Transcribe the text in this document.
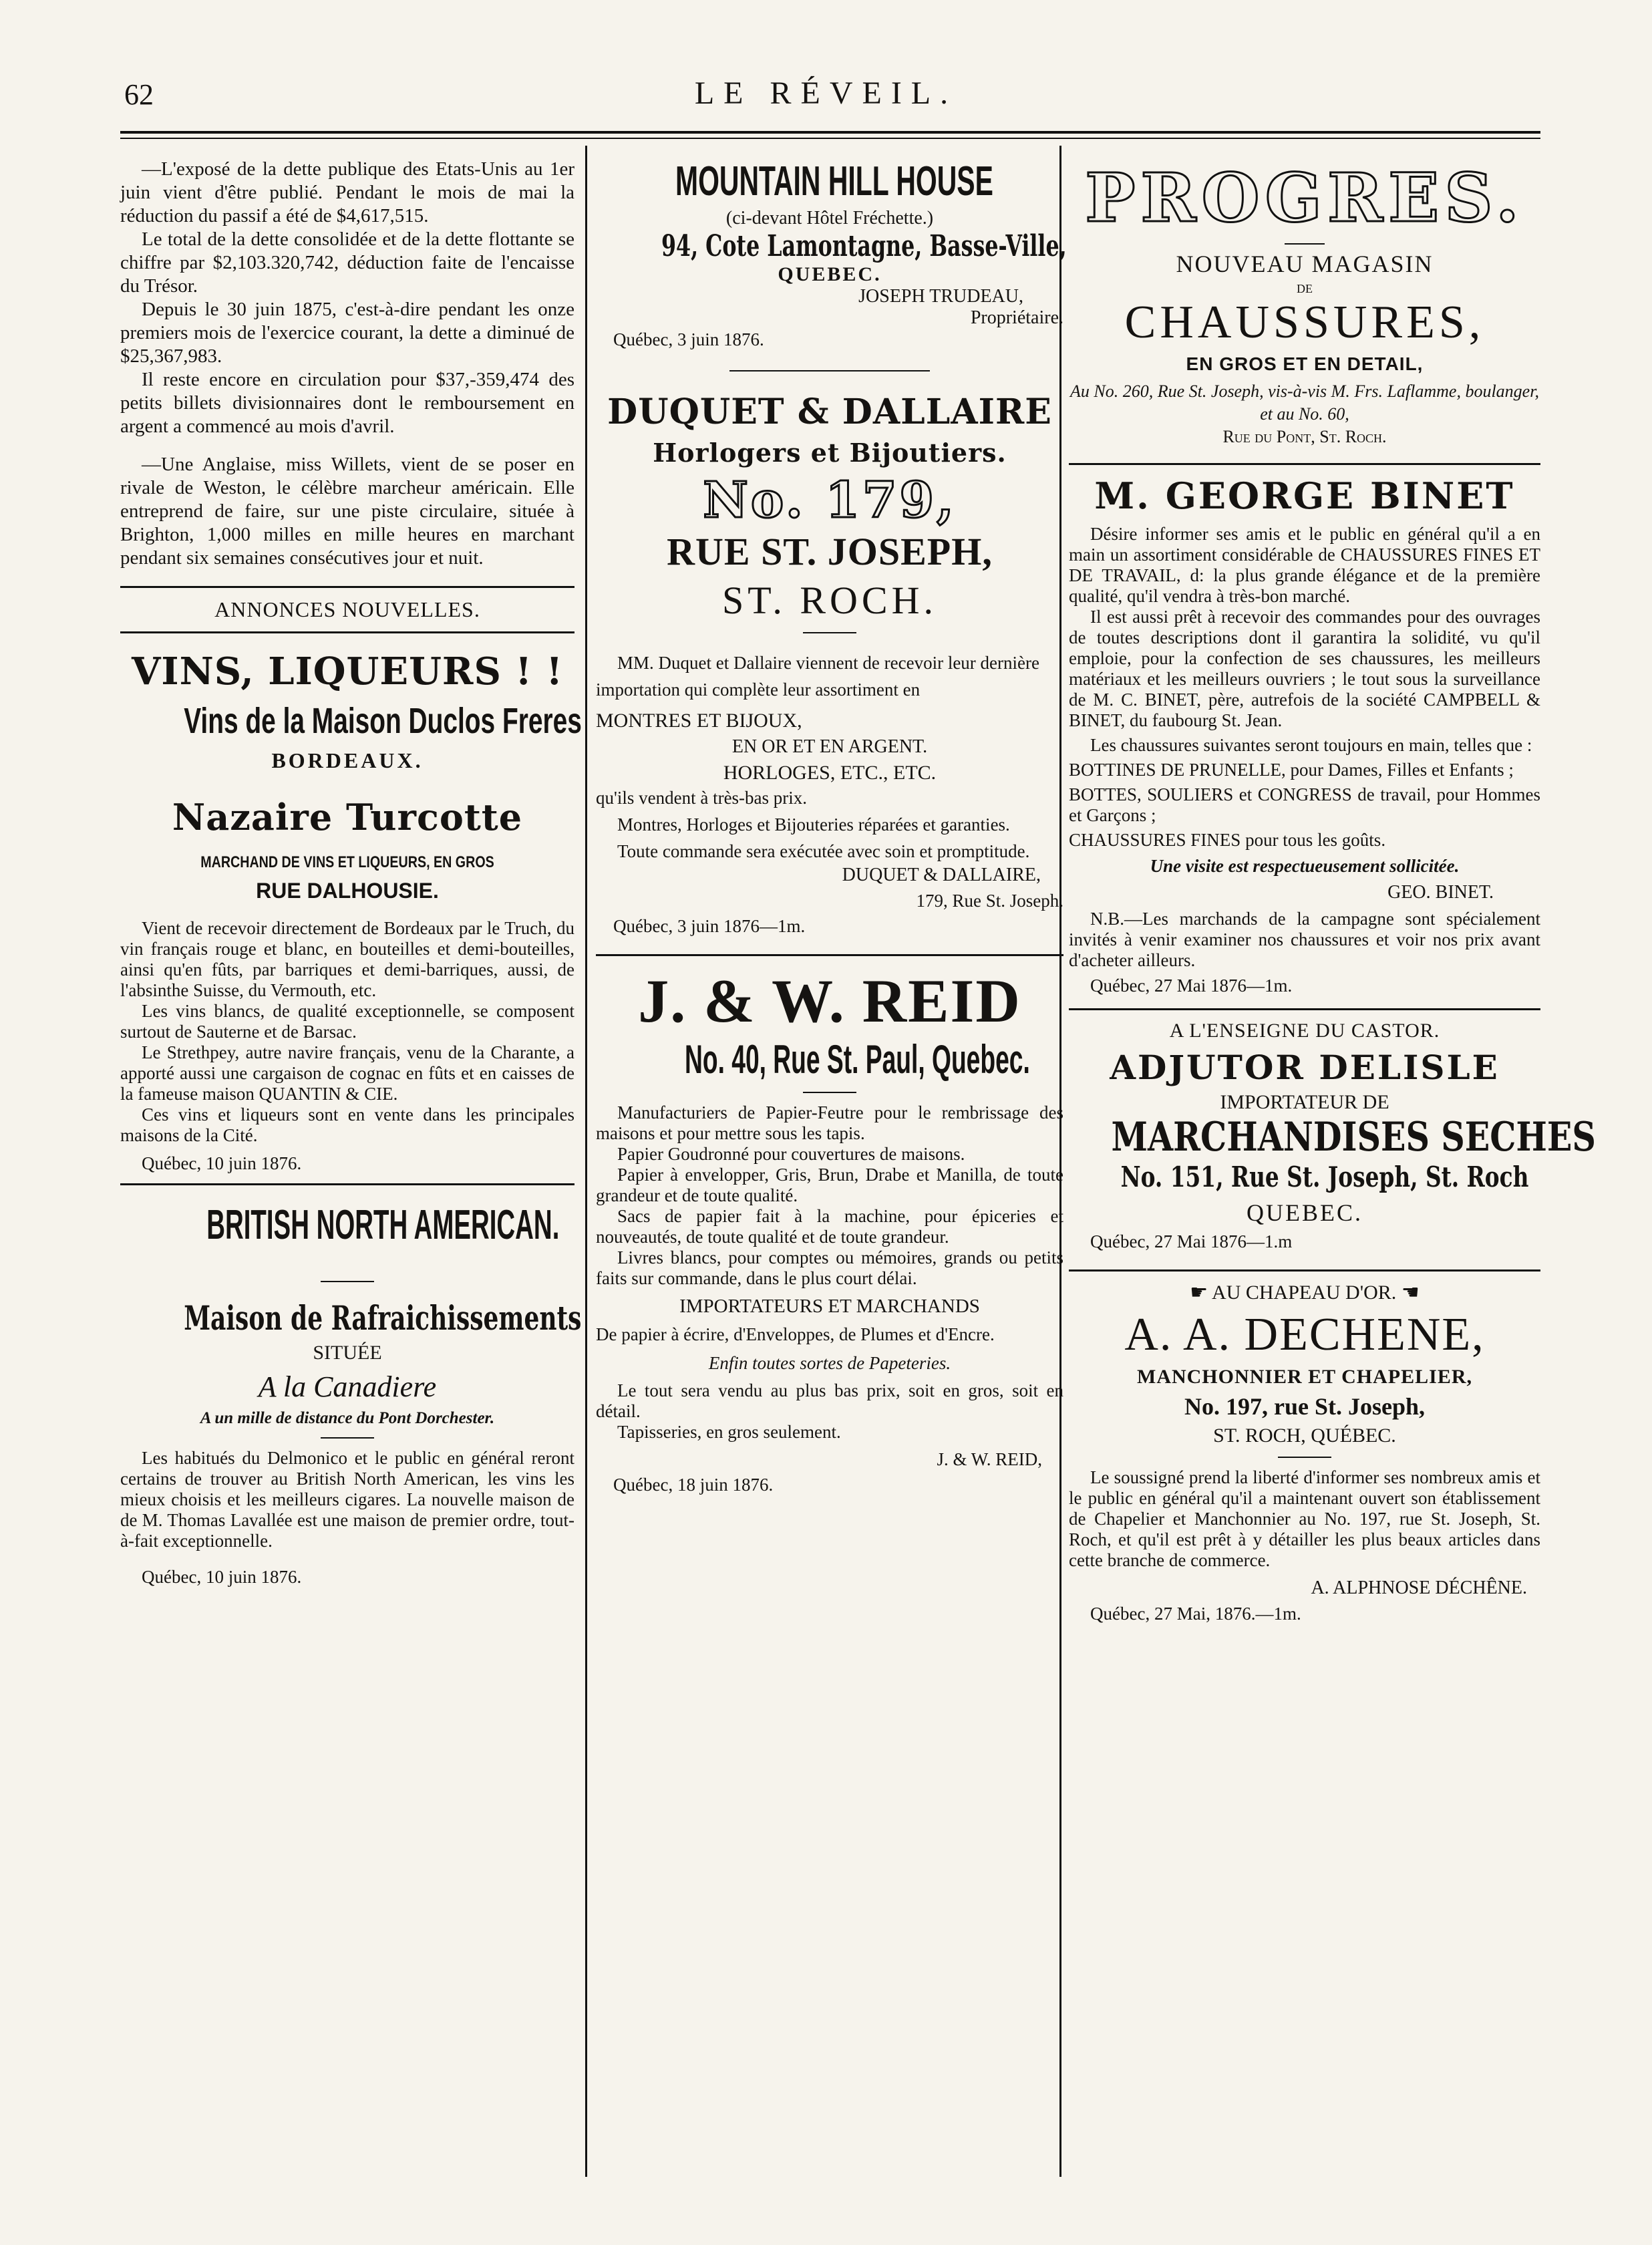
62	LE RÉVEIL.

—L'exposé de la dette publique des Etats-Unis au 1er juin vient d'être publié. Pendant le mois de mai la réduction du passif a été de $4,617,515.

Le total de la dette consolidée et de la dette flottante se chiffre par $2,103.320,742, déduction faite de l'encaisse du Trésor.

Depuis le 30 juin 1875, c'est-à-dire pendant les onze premiers mois de l'exercice courant, la dette a diminué de $25,367,983.

Il reste encore en circulation pour $37,-359,474 des petits billets divisionnaires dont le remboursement en argent a commencé au mois d'avril.

—Une Anglaise, miss Willets, vient de se poser en rivale de Weston, le célèbre marcheur américain. Elle entreprend de faire, sur une piste circulaire, située à Brighton, 1,000 milles en mille heures en marchant pendant six semaines consécutives jour et nuit.

ANNONCES NOUVELLES.

VINS, LIQUEURS ! !

Vins de la Maison Duclos Freres

BORDEAUX.

Nazaire Turcotte

MARCHAND DE VINS ET LIQUEURS, EN GROS

RUE DALHOUSIE.

Vient de recevoir directement de Bordeaux par le Truch, du vin français rouge et blanc, en bouteilles et demi-bouteilles, ainsi qu'en fûts, par barriques et demi-barriques, aussi, de l'absinthe Suisse, du Vermouth, etc.

Les vins blancs, de qualité exceptionnelle, se composent surtout de Sauterne et de Barsac.

Le Strethpey, autre navire français, venu de la Charante, a apporté aussi une cargaison de cognac en fûts et en caisses de la fameuse maison QUANTIN & CIE.

Ces vins et liqueurs sont en vente dans les principales maisons de la Cité.

Québec, 10 juin 1876.

BRITISH NORTH AMERICAN.

Maison de Rafraichissements

SITUÉE

A la Canadiere

A un mille de distance du Pont Dorchester.

Les habitués du Delmonico et le public en général reront certains de trouver au British North American, les vins les mieux choisis et les meilleurs cigares. La nouvelle maison de de M. Thomas Lavallée est une maison de premier ordre, tout-à-fait exceptionnelle.

Québec, 10 juin 1876.

MOUNTAIN HILL HOUSE

(ci-devant Hôtel Fréchette.)

94, Cote Lamontagne, Basse-Ville,

QUEBEC.

JOSEPH TRUDEAU,

Propriétaire.

Québec, 3 juin 1876.

DUQUET & DALLAIRE

Horlogers et Bijoutiers.

No. 179,

RUE ST. JOSEPH,

ST. ROCH.

MM. Duquet et Dallaire viennent de recevoir leur dernière importation qui complète leur assortiment en

MONTRES ET BIJOUX,

EN OR ET EN ARGENT.

HORLOGES, ETC., ETC.

qu'ils vendent à très-bas prix.

Montres, Horloges et Bijouteries réparées et garanties.

Toute commande sera exécutée avec soin et promptitude.

DUQUET & DALLAIRE,

179, Rue St. Joseph.

Québec, 3 juin 1876—1m.

J. & W. REID

No. 40, Rue St. Paul, Quebec.

Manufacturiers de Papier-Feutre pour le rembrissage des maisons et pour mettre sous les tapis.

Papier Goudronné pour couvertures de maisons.

Papier à envelopper, Gris, Brun, Drabe et Manilla, de toute grandeur et de toute qualité.

Sacs de papier fait à la machine, pour épiceries et nouveautés, de toute qualité et de toute grandeur.

Livres blancs, pour comptes ou mémoires, grands ou petits faits sur commande, dans le plus court délai.

IMPORTATEURS ET MARCHANDS

De papier à écrire, d'Enveloppes, de Plumes et d'Encre.

Enfin toutes sortes de Papeteries.

Le tout sera vendu au plus bas prix, soit en gros, soit en détail.

Tapisseries, en gros seulement.

J. & W. REID,

Québec, 18 juin 1876.

PROGRES.

NOUVEAU MAGASIN

DE

CHAUSSURES,

EN GROS ET EN DETAIL,

Au No. 260, Rue St. Joseph, vis-à-vis M. Frs. Laflamme, boulanger, et au No. 60,

Rue du Pont, St. Roch.

M. GEORGE BINET

Désire informer ses amis et le public en général qu'il a en main un assortiment considérable de CHAUSSURES FINES ET DE TRAVAIL, d: la plus grande élégance et de la première qualité, qu'il vendra à très-bon marché.

Il est aussi prêt à recevoir des commandes pour des ouvrages de toutes descriptions dont il garantira la solidité, vu qu'il emploie, pour la confection de ses chaussures, les meilleurs matériaux et les meilleurs ouvriers ; le tout sous la surveillance de M. C. BINET, père, autrefois de la société CAMPBELL & BINET, du faubourg St. Jean.

Les chaussures suivantes seront toujours en main, telles que :

BOTTINES DE PRUNELLE, pour Dames, Filles et Enfants ;

BOTTES, SOULIERS et CONGRESS de travail, pour Hommes et Garçons ;

CHAUSSURES FINES pour tous les goûts.

Une visite est respectueusement sollicitée.

GEO. BINET.

N.B.—Les marchands de la campagne sont spécialement invités à venir examiner nos chaussures et voir nos prix avant d'acheter ailleurs.

Québec, 27 Mai 1876—1m.

A L'ENSEIGNE DU CASTOR.

ADJUTOR DELISLE

IMPORTATEUR DE

MARCHANDISES SECHES

No. 151, Rue St. Joseph, St. Roch

QUEBEC.

Québec, 27 Mai 1876—1.m

☛ AU CHAPEAU D'OR. ☚

A. A. DECHENE,

MANCHONNIER ET CHAPELIER,

No. 197, rue St. Joseph,

ST. ROCH, QUÉBEC.

Le soussigné prend la liberté d'informer ses nombreux amis et le public en général qu'il a maintenant ouvert son établissement de Chapelier et Manchonnier au No. 197, rue St. Joseph, St. Roch, et qu'il est prêt à y détailler les plus beaux articles dans cette branche de commerce.

A. ALPHNOSE DÉCHÊNE.

Québec, 27 Mai, 1876.—1m.
